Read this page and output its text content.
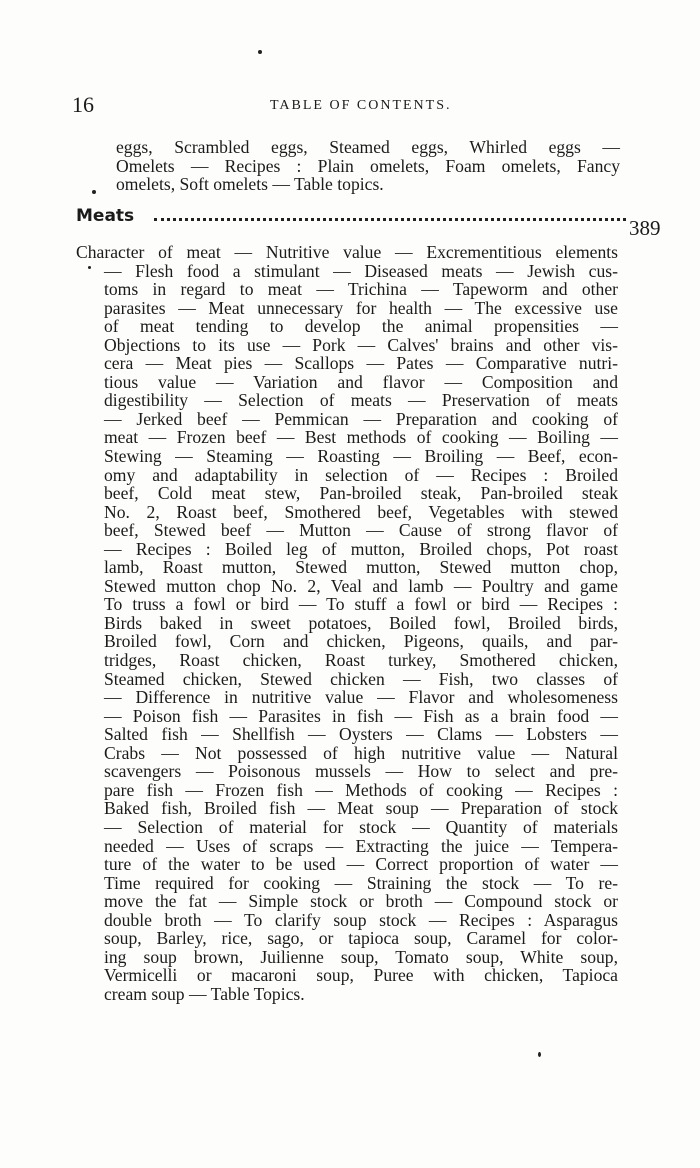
16	TABLE OF CONTENTS.
eggs, Scrambled eggs, Steamed eggs, Whirled eggs —
Omelets — Recipes : Plain omelets, Foam omelets, Fancy
omelets, Soft omelets — Table topics.
Meats	389
Character of meat — Nutritive value — Excrementitious elements
— Flesh food a stimulant — Diseased meats — Jewish cus-
toms in regard to meat — Trichina — Tapeworm and other
parasites — Meat unnecessary for health — The excessive use
of meat tending to develop the animal propensities —
Objections to its use — Pork — Calves' brains and other vis-
cera — Meat pies — Scallops — Pates — Comparative nutri-
tious value — Variation and flavor — Composition and
digestibility — Selection of meats — Preservation of meats
— Jerked beef — Pemmican — Preparation and cooking of
meat — Frozen beef — Best methods of cooking — Boiling —
Stewing — Steaming — Roasting — Broiling — Beef, econ-
omy and adaptability in selection of — Recipes : Broiled
beef, Cold meat stew, Pan-broiled steak, Pan-broiled steak
No. 2, Roast beef, Smothered beef, Vegetables with stewed
beef, Stewed beef — Mutton — Cause of strong flavor of
— Recipes : Boiled leg of mutton, Broiled chops, Pot roast
lamb, Roast mutton, Stewed mutton, Stewed mutton chop,
Stewed mutton chop No. 2, Veal and lamb — Poultry and game
To truss a fowl or bird — To stuff a fowl or bird — Recipes :
Birds baked in sweet potatoes, Boiled fowl, Broiled birds,
Broiled fowl, Corn and chicken, Pigeons, quails, and par-
tridges, Roast chicken, Roast turkey, Smothered chicken,
Steamed chicken, Stewed chicken — Fish, two classes of
— Difference in nutritive value — Flavor and wholesomeness
— Poison fish — Parasites in fish — Fish as a brain food —
Salted fish — Shellfish — Oysters — Clams — Lobsters —
Crabs — Not possessed of high nutritive value — Natural
scavengers — Poisonous mussels — How to select and pre-
pare fish — Frozen fish — Methods of cooking — Recipes :
Baked fish, Broiled fish — Meat soup — Preparation of stock
— Selection of material for stock — Quantity of materials
needed — Uses of scraps — Extracting the juice — Tempera-
ture of the water to be used — Correct proportion of water —
Time required for cooking — Straining the stock — To re-
move the fat — Simple stock or broth — Compound stock or
double broth — To clarify soup stock — Recipes : Asparagus
soup, Barley, rice, sago, or tapioca soup, Caramel for color-
ing soup brown, Juilienne soup, Tomato soup, White soup,
Vermicelli or macaroni soup, Puree with chicken, Tapioca
cream soup — Table Topics.
